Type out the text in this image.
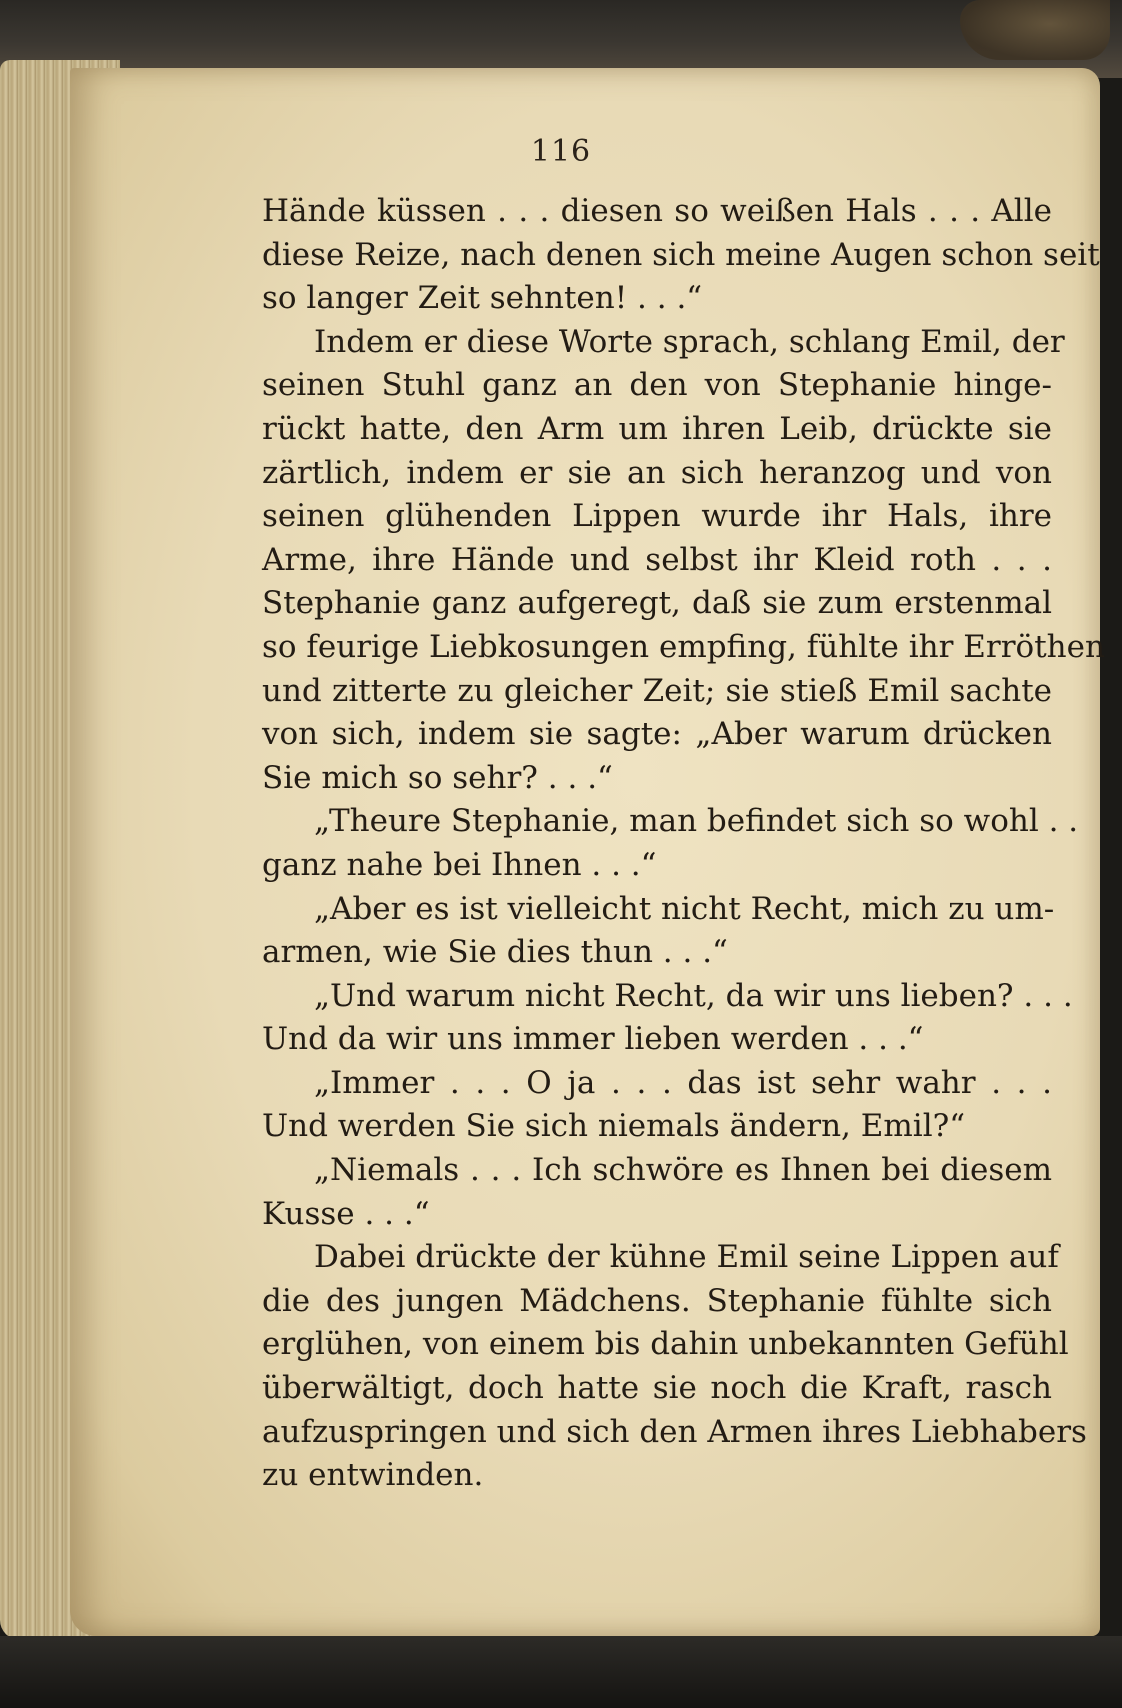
116
Hände küssen . . . diesen so weißen Hals . . . Alle
diese Reize, nach denen sich meine Augen schon seit
so langer Zeit sehnten! . . .“
Indem er diese Worte sprach, schlang Emil, der
seinen Stuhl ganz an den von Stephanie hinge-
rückt hatte, den Arm um ihren Leib, drückte sie
zärtlich, indem er sie an sich heranzog und von
seinen glühenden Lippen wurde ihr Hals, ihre
Arme, ihre Hände und selbst ihr Kleid roth . . .
Stephanie ganz aufgeregt, daß sie zum erstenmal
so feurige Liebkosungen empfing, fühlte ihr Erröthen
und zitterte zu gleicher Zeit; sie stieß Emil sachte
von sich, indem sie sagte: „Aber warum drücken
Sie mich so sehr? . . .“
„Theure Stephanie, man befindet sich so wohl . .
ganz nahe bei Ihnen . . .“
„Aber es ist vielleicht nicht Recht, mich zu um-
armen, wie Sie dies thun . . .“
„Und warum nicht Recht, da wir uns lieben? . . .
Und da wir uns immer lieben werden . . .“
„Immer . . . O ja . . . das ist sehr wahr . . .
Und werden Sie sich niemals ändern, Emil?“
„Niemals . . . Ich schwöre es Ihnen bei diesem
Kusse . . .“
Dabei drückte der kühne Emil seine Lippen auf
die des jungen Mädchens. Stephanie fühlte sich
erglühen, von einem bis dahin unbekannten Gefühl
überwältigt, doch hatte sie noch die Kraft, rasch
aufzuspringen und sich den Armen ihres Liebhabers
zu entwinden.
